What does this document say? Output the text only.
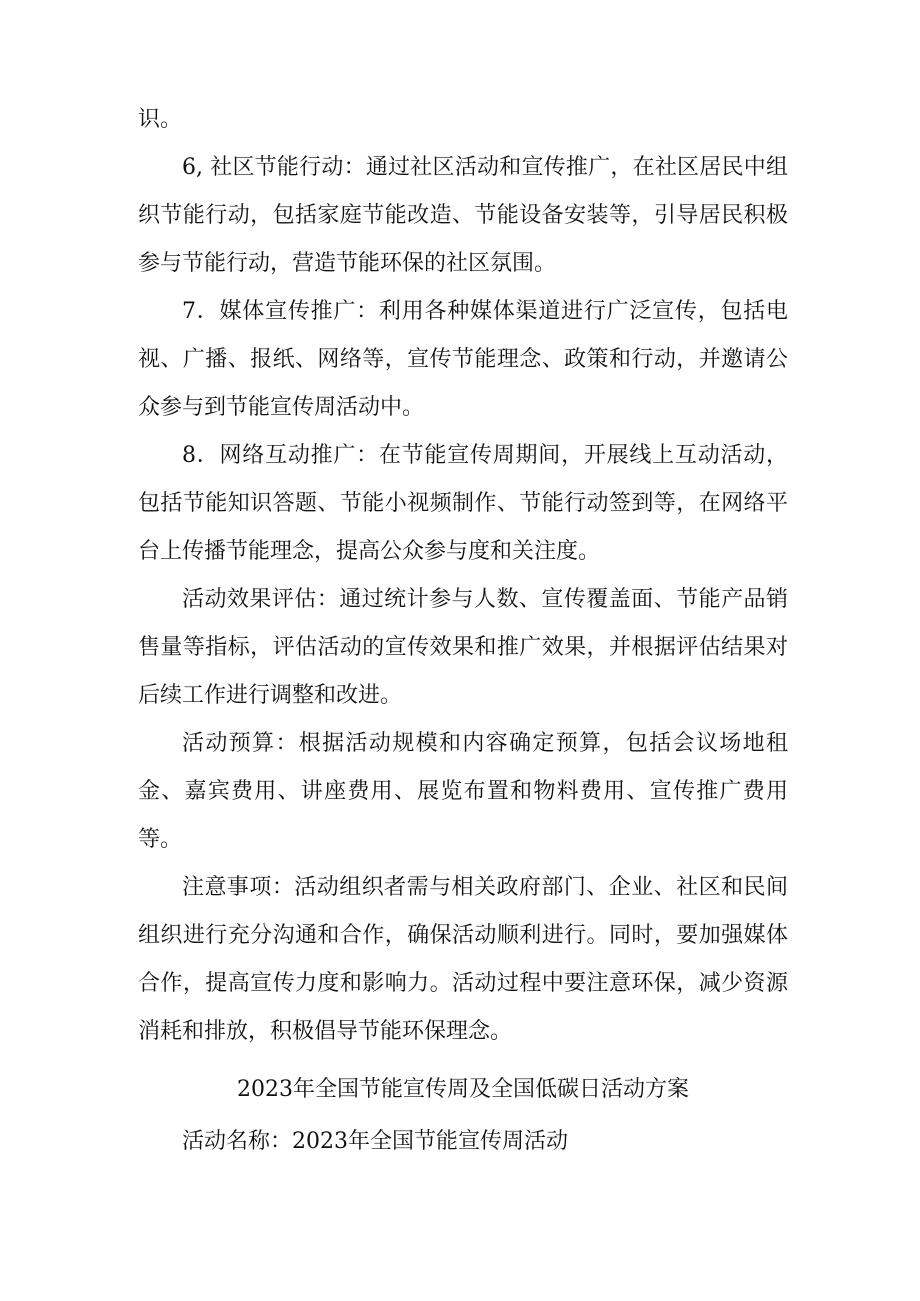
识。

6, 社区节能行动：通过社区活动和宣传推广，在社区居民中组织节能行动，包括家庭节能改造、节能设备安装等，引导居民积极参与节能行动，营造节能环保的社区氛围。

7．媒体宣传推广：利用各种媒体渠道进行广泛宣传，包括电视、广播、报纸、网络等，宣传节能理念、政策和行动，并邀请公众参与到节能宣传周活动中。

8．网络互动推广：在节能宣传周期间，开展线上互动活动，包括节能知识答题、节能小视频制作、节能行动签到等，在网络平台上传播节能理念，提高公众参与度和关注度。

活动效果评估：通过统计参与人数、宣传覆盖面、节能产品销售量等指标，评估活动的宣传效果和推广效果，并根据评估结果对后续工作进行调整和改进。

活动预算：根据活动规模和内容确定预算，包括会议场地租金、嘉宾费用、讲座费用、展览布置和物料费用、宣传推广费用等。

注意事项：活动组织者需与相关政府部门、企业、社区和民间组织进行充分沟通和合作，确保活动顺利进行。同时，要加强媒体合作，提高宣传力度和影响力。活动过程中要注意环保，减少资源消耗和排放，积极倡导节能环保理念。

2023年全国节能宣传周及全国低碳日活动方案

活动名称：2023年全国节能宣传周活动
